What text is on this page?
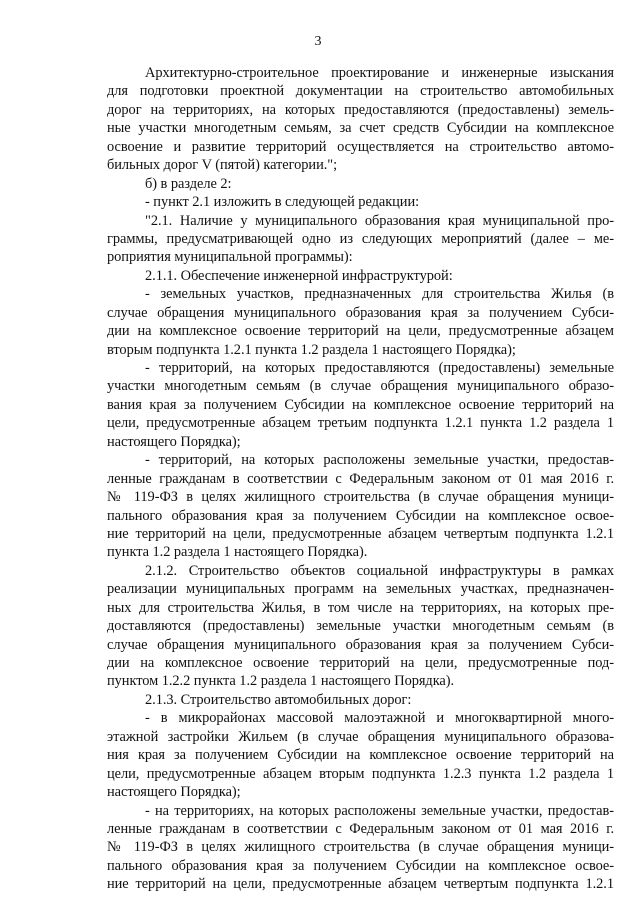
3
Архитектурно-строительное проектирование и инженерные изыскания
для подготовки проектной документации на строительство автомобильных
дорог на территориях, на которых предоставляются (предоставлены) земель-
ные участки многодетным семьям, за счет средств Субсидии на комплексное
освоение и развитие территорий осуществляется на строительство автомо-
бильных дорог V (пятой) категории.";
б) в разделе 2:
- пункт 2.1 изложить в следующей редакции:
"2.1. Наличие у муниципального образования края муниципальной про-
граммы, предусматривающей одно из следующих мероприятий (далее – ме-
роприятия муниципальной программы):
2.1.1. Обеспечение инженерной инфраструктурой:
- земельных участков, предназначенных для строительства Жилья (в
случае обращения муниципального образования края за получением Субси-
дии на комплексное освоение территорий на цели, предусмотренные абзацем
вторым подпункта 1.2.1 пункта 1.2 раздела 1 настоящего Порядка);
- территорий, на которых предоставляются (предоставлены) земельные
участки многодетным семьям (в случае обращения муниципального образо-
вания края за получением Субсидии на комплексное освоение территорий на
цели, предусмотренные абзацем третьим подпункта 1.2.1 пункта 1.2 раздела 1
настоящего Порядка);
- территорий, на которых расположены земельные участки, предостав-
ленные гражданам в соответствии с Федеральным законом от 01 мая 2016 г.
№ 119-ФЗ в целях жилищного строительства (в случае обращения муници-
пального образования края за получением Субсидии на комплексное освое-
ние территорий на цели, предусмотренные абзацем четвертым подпункта 1.2.1
пункта 1.2 раздела 1 настоящего Порядка).
2.1.2. Строительство объектов социальной инфраструктуры в рамках
реализации муниципальных программ на земельных участках, предназначен-
ных для строительства Жилья, в том числе на территориях, на которых пре-
доставляются (предоставлены) земельные участки многодетным семьям (в
случае обращения муниципального образования края за получением Субси-
дии на комплексное освоение территорий на цели, предусмотренные под-
пунктом 1.2.2 пункта 1.2 раздела 1 настоящего Порядка).
2.1.3. Строительство автомобильных дорог:
- в микрорайонах массовой малоэтажной и многоквартирной много-
этажной застройки Жильем (в случае обращения муниципального образова-
ния края за получением Субсидии на комплексное освоение территорий на
цели, предусмотренные абзацем вторым подпункта 1.2.3 пункта 1.2 раздела 1
настоящего Порядка);
- на территориях, на которых расположены земельные участки, предостав-
ленные гражданам в соответствии с Федеральным законом от 01 мая 2016 г.
№ 119-ФЗ в целях жилищного строительства (в случае обращения муници-
пального образования края за получением Субсидии на комплексное освое-
ние территорий на цели, предусмотренные абзацем четвертым подпункта 1.2.1
